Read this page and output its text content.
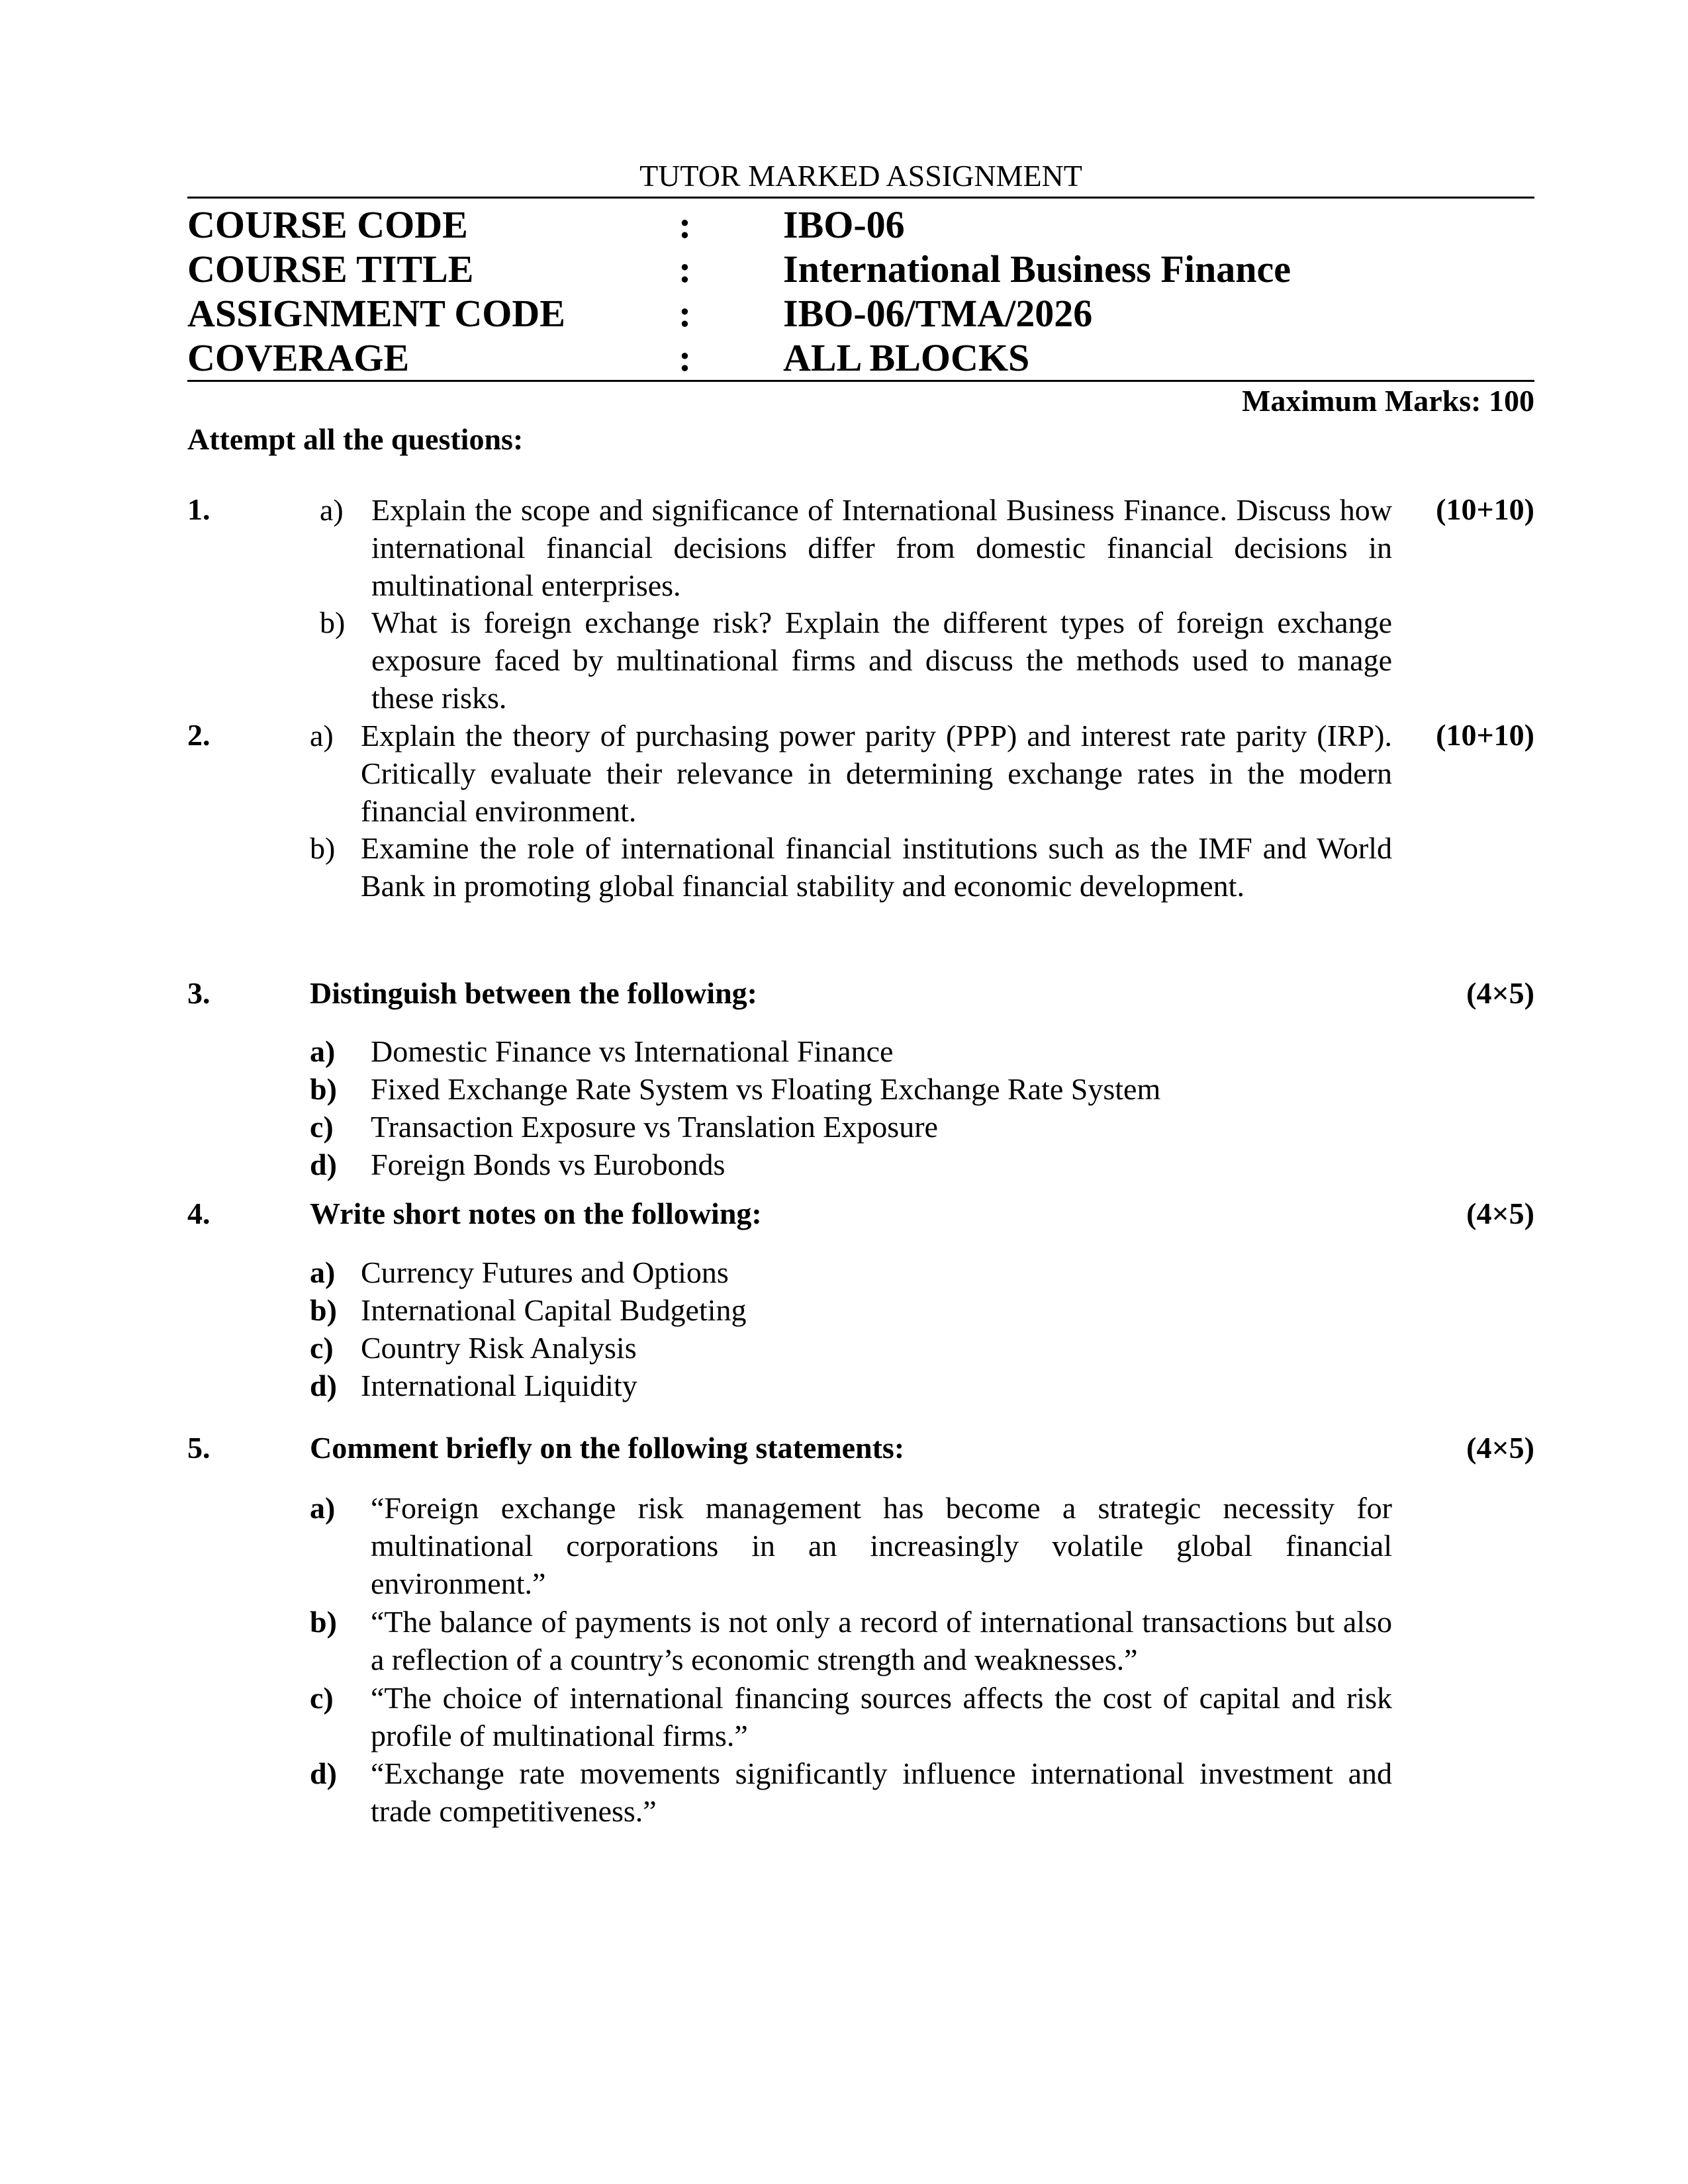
TUTOR MARKED ASSIGNMENT
COURSE CODE	: IBO-06
COURSE TITLE	: International Business Finance
ASSIGNMENT CODE	: IBO-06/TMA/2026
COVERAGE	: ALL BLOCKS
Maximum Marks: 100
Attempt all the questions:
1.	(10+10)
a) Explain the scope and significance of International Business Finance. Discuss how international financial decisions differ from domestic financial decisions in multinational enterprises.
b) What is foreign exchange risk? Explain the different types of foreign exchange exposure faced by multinational firms and discuss the methods used to manage these risks.
2.	(10+10)
a) Explain the theory of purchasing power parity (PPP) and interest rate parity (IRP). Critically evaluate their relevance in determining exchange rates in the modern financial environment.
b) Examine the role of international financial institutions such as the IMF and World Bank in promoting global financial stability and economic development.
3.	Distinguish between the following:	(4×5)
a) Domestic Finance vs International Finance
b) Fixed Exchange Rate System vs Floating Exchange Rate System
c) Transaction Exposure vs Translation Exposure
d) Foreign Bonds vs Eurobonds
4.	Write short notes on the following:	(4×5)
a) Currency Futures and Options
b) International Capital Budgeting
c) Country Risk Analysis
d) International Liquidity
5.	Comment briefly on the following statements:	(4×5)
a) “Foreign exchange risk management has become a strategic necessity for multinational corporations in an increasingly volatile global financial environment.”
b) “The balance of payments is not only a record of international transactions but also a reflection of a country’s economic strength and weaknesses.”
c) “The choice of international financing sources affects the cost of capital and risk profile of multinational firms.”
d) “Exchange rate movements significantly influence international investment and trade competitiveness.”
